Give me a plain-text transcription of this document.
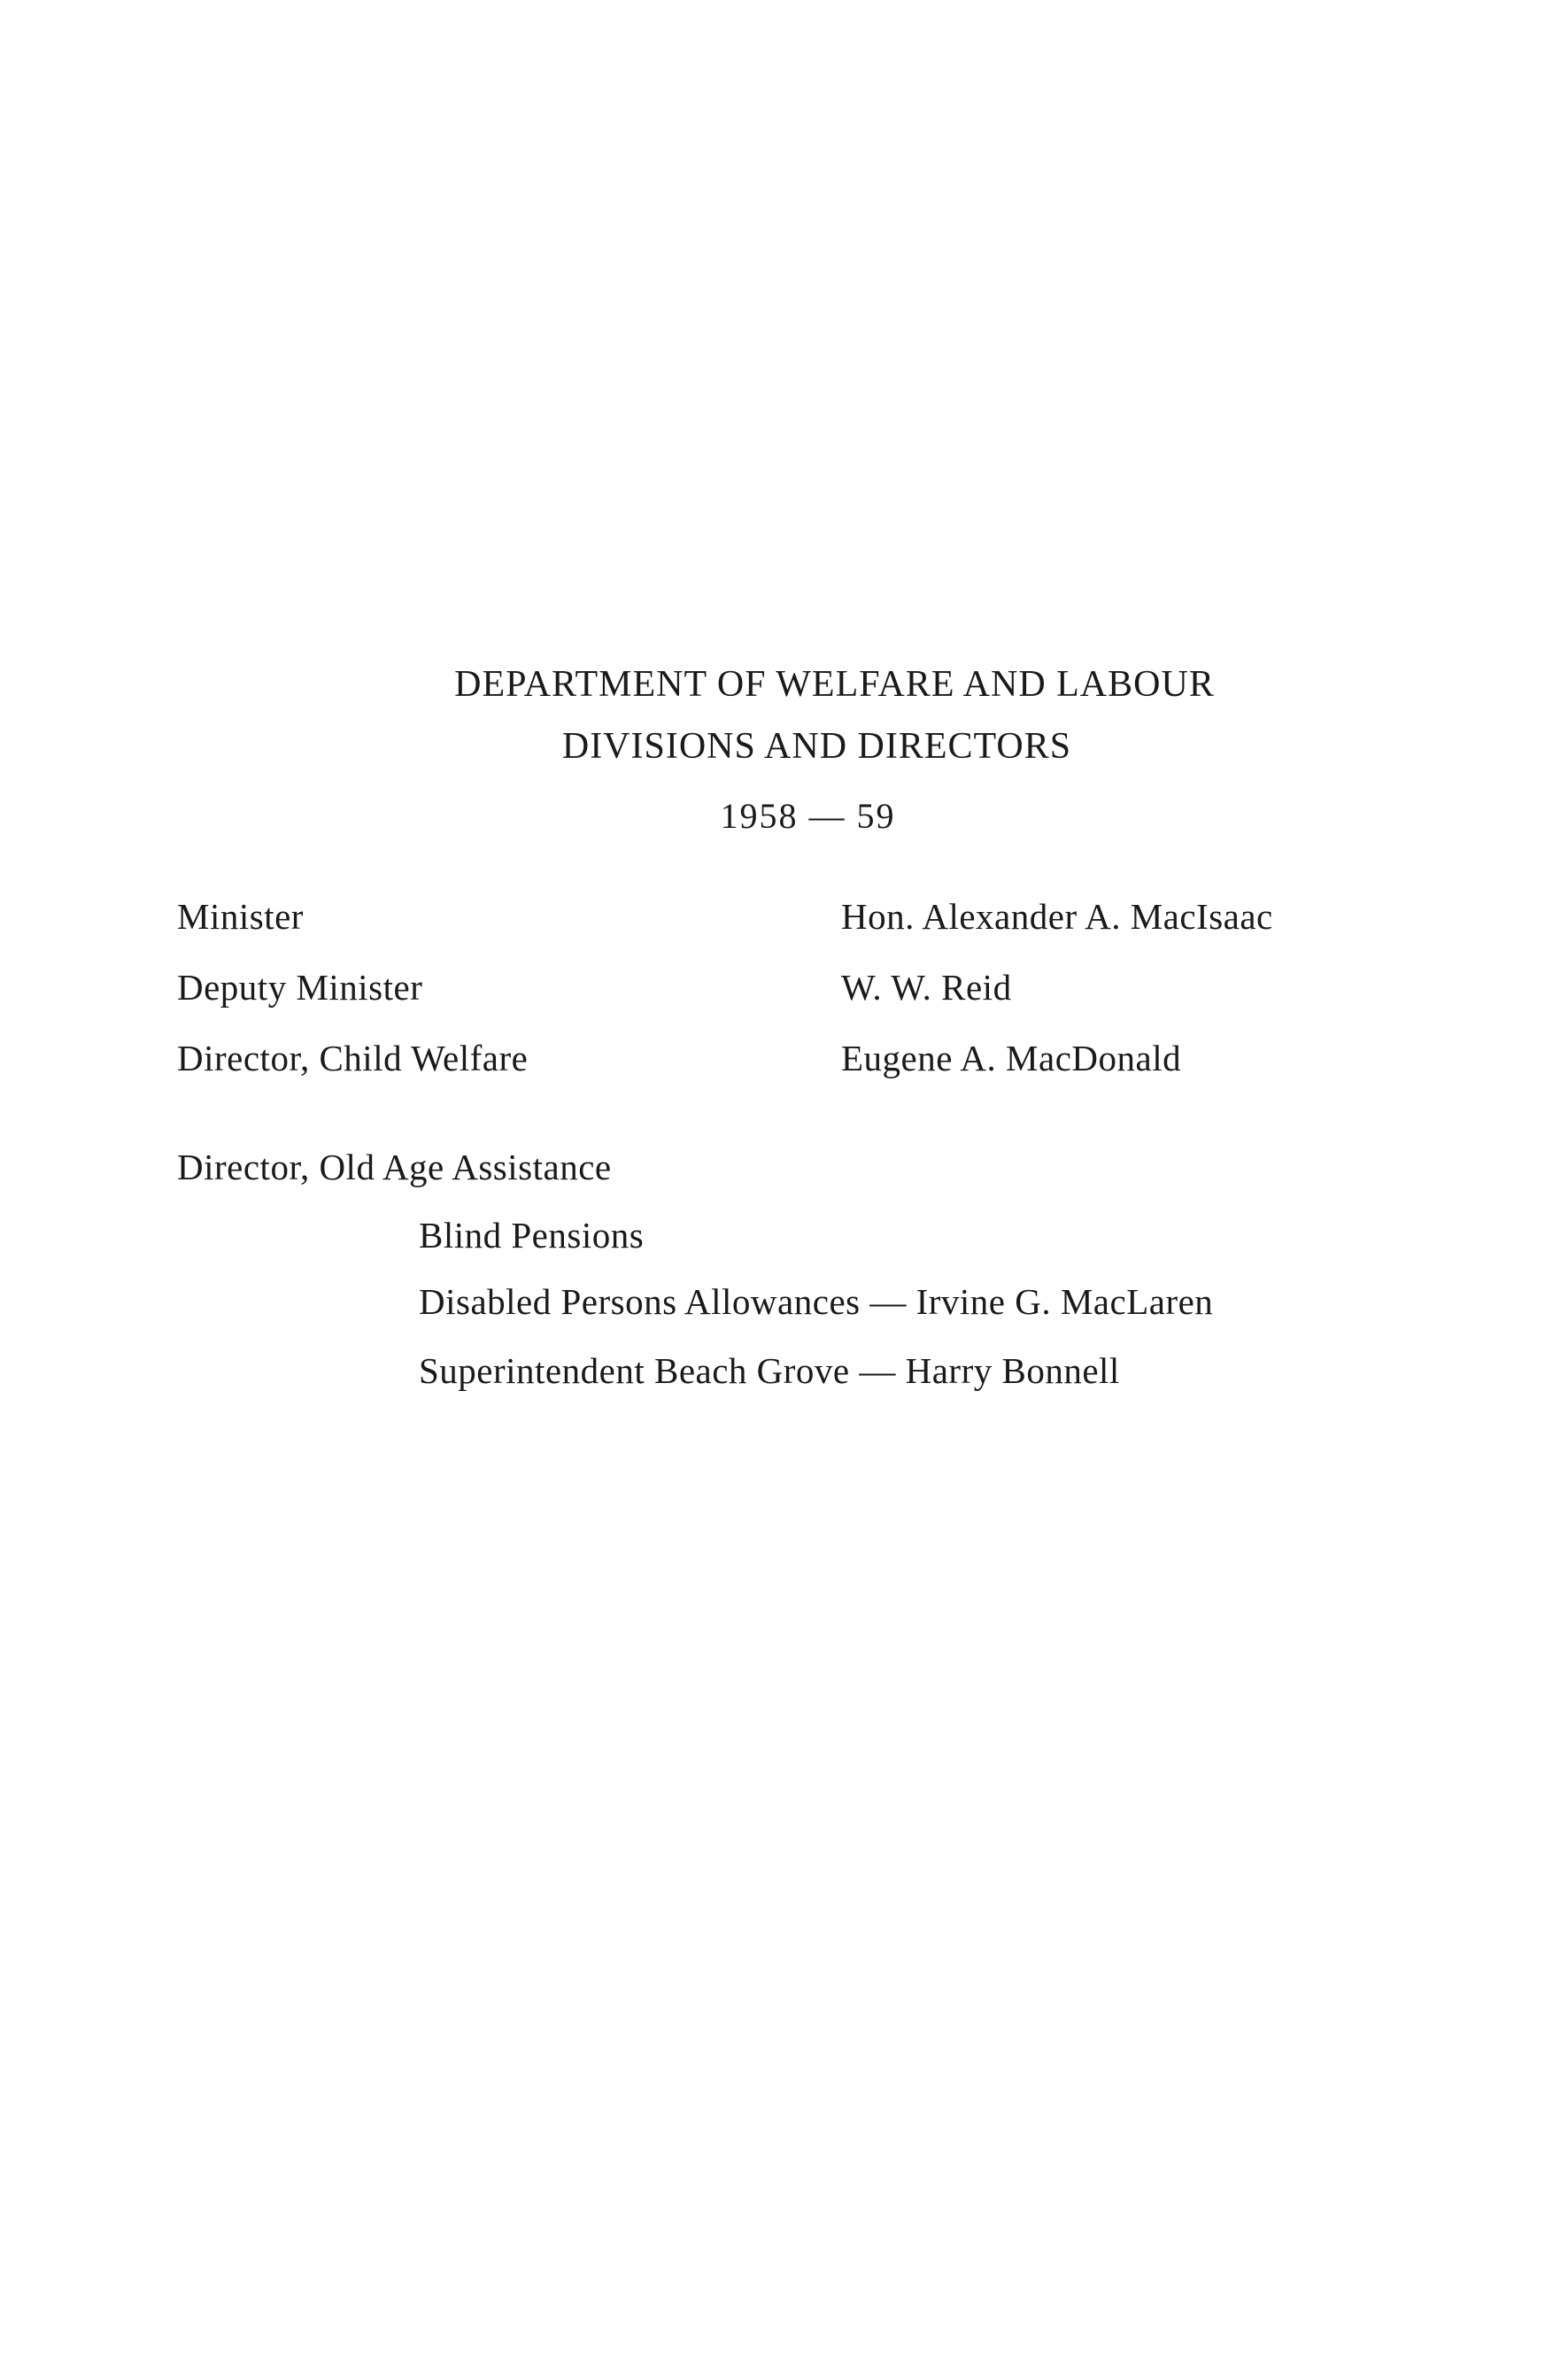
DEPARTMENT OF WELFARE AND LABOUR
DIVISIONS AND DIRECTORS
1958 — 59
Minister	Hon. Alexander A. MacIsaac
Deputy Minister	W. W. Reid
Director, Child Welfare	Eugene A. MacDonald
Director, Old Age Assistance
Blind Pensions
Disabled Persons Allowances — Irvine G. MacLaren
Superintendent Beach Grove — Harry Bonnell
